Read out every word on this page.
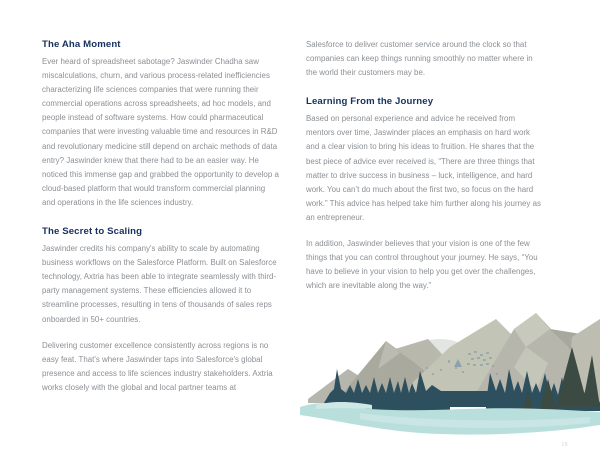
The Aha Moment

Ever heard of spreadsheet sabotage? Jaswinder Chadha saw miscalculations, churn, and various process-related inefficiencies characterizing life sciences companies that were running their commercial operations across spreadsheets, ad hoc models, and people instead of software systems. How could pharmaceutical companies that were investing valuable time and resources in R&D and revolutionary medicine still depend on archaic methods of data entry? Jaswinder knew that there had to be an easier way. He noticed this immense gap and grabbed the opportunity to develop a cloud-based platform that would transform commercial planning and operations in the life sciences industry.

The Secret to Scaling

Jaswinder credits his company's ability to scale by automating business workflows on the Salesforce Platform. Built on Salesforce technology, Axtria has been able to integrate seamlessly with third-party management systems. These efficiencies allowed it to streamline processes, resulting in tens of thousands of sales reps onboarded in 50+ countries.

Delivering customer excellence consistently across regions is no easy feat. That's where Jaswinder taps into Salesforce's global presence and access to life sciences industry stakeholders. Axtria works closely with the global and local partner teams at

Salesforce to deliver customer service around the clock so that companies can keep things running smoothly no matter where in the world their customers may be.

Learning From the Journey

Based on personal experience and advice he received from mentors over time, Jaswinder places an emphasis on hard work and a clear vision to bring his ideas to fruition. He shares that the best piece of advice ever received is, “There are three things that matter to drive success in business – luck, intelligence, and hard work. You can’t do much about the first two, so focus on the hard work.” This advice has helped take him further along his journey as an entrepreneur.

In addition, Jaswinder believes that your vision is one of the few things that you can control throughout your journey. He says, “You have to believe in your vision to help you get over the challenges, which are inevitable along the way.”

15
